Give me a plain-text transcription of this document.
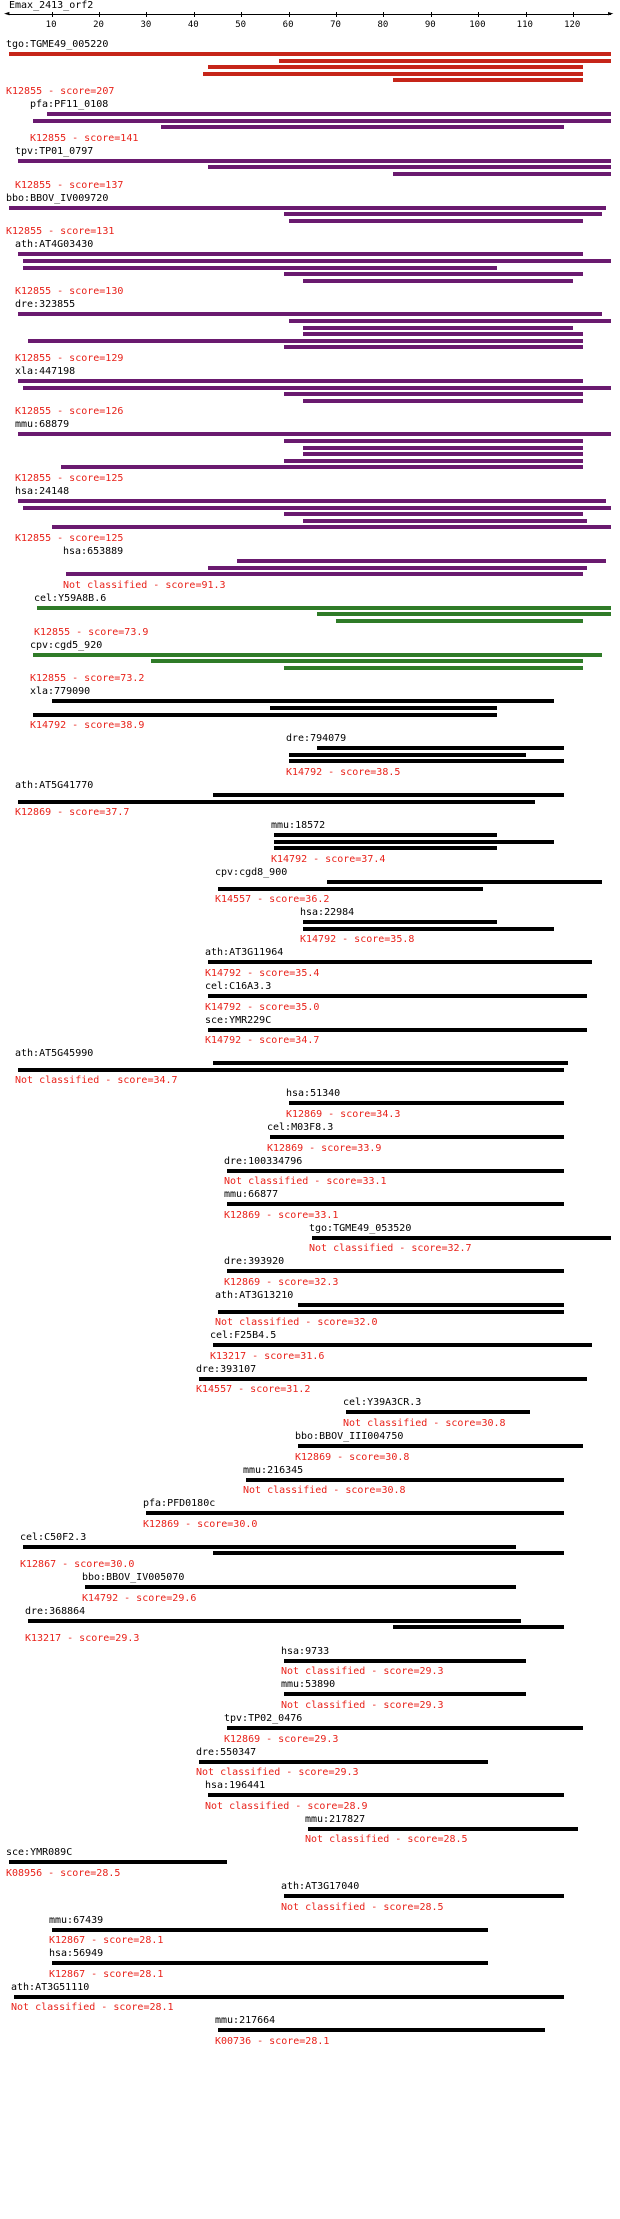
Emax_2413_orf2
◄	►
10	20	30	40	50	60	70	80	90	100	110	120
tgo:TGME49_005220
K12855 - score=207
pfa:PF11_0108
K12855 - score=141
tpv:TP01_0797
K12855 - score=137
bbo:BBOV_IV009720
K12855 - score=131
ath:AT4G03430
K12855 - score=130
dre:323855
K12855 - score=129
xla:447198
K12855 - score=126
mmu:68879
K12855 - score=125
hsa:24148
K12855 - score=125
hsa:653889
Not classified - score=91.3
cel:Y59A8B.6
K12855 - score=73.9
cpv:cgd5_920
K12855 - score=73.2
xla:779090
K14792 - score=38.9
dre:794079
K14792 - score=38.5
ath:AT5G41770
K12869 - score=37.7
mmu:18572
K14792 - score=37.4
cpv:cgd8_900
K14557 - score=36.2
hsa:22984
K14792 - score=35.8
ath:AT3G11964
K14792 - score=35.4
cel:C16A3.3
K14792 - score=35.0
sce:YMR229C
K14792 - score=34.7
ath:AT5G45990
Not classified - score=34.7
hsa:51340
K12869 - score=34.3
cel:M03F8.3
K12869 - score=33.9
dre:100334796
Not classified - score=33.1
mmu:66877
K12869 - score=33.1
tgo:TGME49_053520
Not classified - score=32.7
dre:393920
K12869 - score=32.3
ath:AT3G13210
Not classified - score=32.0
cel:F25B4.5
K13217 - score=31.6
dre:393107
K14557 - score=31.2
cel:Y39A3CR.3
Not classified - score=30.8
bbo:BBOV_III004750
K12869 - score=30.8
mmu:216345
Not classified - score=30.8
pfa:PFD0180c
K12869 - score=30.0
cel:C50F2.3
K12867 - score=30.0
bbo:BBOV_IV005070
K14792 - score=29.6
dre:368864
K13217 - score=29.3
hsa:9733
Not classified - score=29.3
mmu:53890
Not classified - score=29.3
tpv:TP02_0476
K12869 - score=29.3
dre:550347
Not classified - score=29.3
hsa:196441
Not classified - score=28.9
mmu:217827
Not classified - score=28.5
sce:YMR089C
K08956 - score=28.5
ath:AT3G17040
Not classified - score=28.5
mmu:67439
K12867 - score=28.1
hsa:56949
K12867 - score=28.1
ath:AT3G51110
Not classified - score=28.1
mmu:217664
K00736 - score=28.1
